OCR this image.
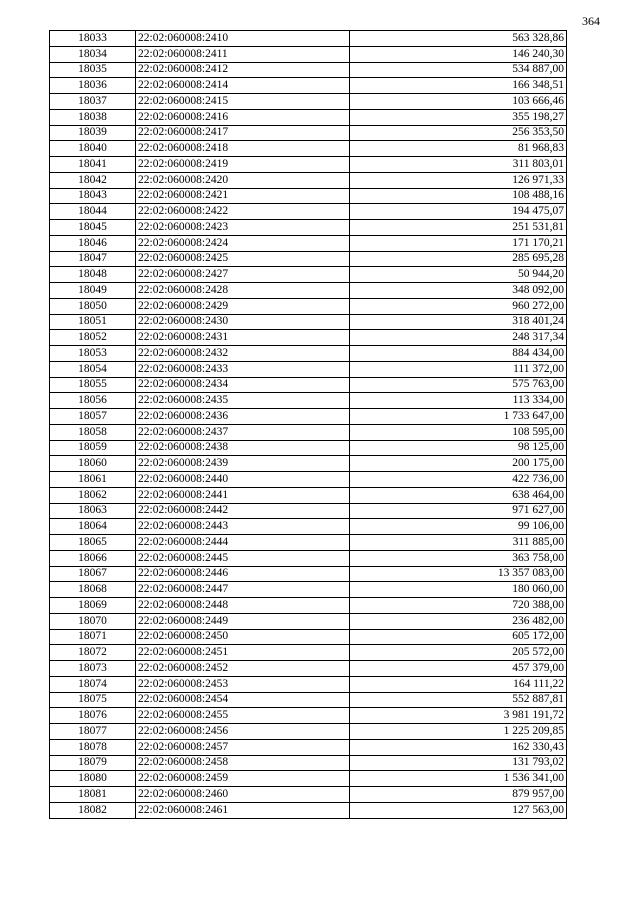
364
18033	22:02:060008:2410	563 328,86
18034	22:02:060008:2411	146 240,30
18035	22:02:060008:2412	534 887,00
18036	22:02:060008:2414	166 348,51
18037	22:02:060008:2415	103 666,46
18038	22:02:060008:2416	355 198,27
18039	22:02:060008:2417	256 353,50
18040	22:02:060008:2418	81 968,83
18041	22:02:060008:2419	311 803,01
18042	22:02:060008:2420	126 971,33
18043	22:02:060008:2421	108 488,16
18044	22:02:060008:2422	194 475,07
18045	22:02:060008:2423	251 531,81
18046	22:02:060008:2424	171 170,21
18047	22:02:060008:2425	285 695,28
18048	22:02:060008:2427	50 944,20
18049	22:02:060008:2428	348 092,00
18050	22:02:060008:2429	960 272,00
18051	22:02:060008:2430	318 401,24
18052	22:02:060008:2431	248 317,34
18053	22:02:060008:2432	884 434,00
18054	22:02:060008:2433	111 372,00
18055	22:02:060008:2434	575 763,00
18056	22:02:060008:2435	113 334,00
18057	22:02:060008:2436	1 733 647,00
18058	22:02:060008:2437	108 595,00
18059	22:02:060008:2438	98 125,00
18060	22:02:060008:2439	200 175,00
18061	22:02:060008:2440	422 736,00
18062	22:02:060008:2441	638 464,00
18063	22:02:060008:2442	971 627,00
18064	22:02:060008:2443	99 106,00
18065	22:02:060008:2444	311 885,00
18066	22:02:060008:2445	363 758,00
18067	22:02:060008:2446	13 357 083,00
18068	22:02:060008:2447	180 060,00
18069	22:02:060008:2448	720 388,00
18070	22:02:060008:2449	236 482,00
18071	22:02:060008:2450	605 172,00
18072	22:02:060008:2451	205 572,00
18073	22:02:060008:2452	457 379,00
18074	22:02:060008:2453	164 111,22
18075	22:02:060008:2454	552 887,81
18076	22:02:060008:2455	3 981 191,72
18077	22:02:060008:2456	1 225 209,85
18078	22:02:060008:2457	162 330,43
18079	22:02:060008:2458	131 793,02
18080	22:02:060008:2459	1 536 341,00
18081	22:02:060008:2460	879 957,00
18082	22:02:060008:2461	127 563,00
